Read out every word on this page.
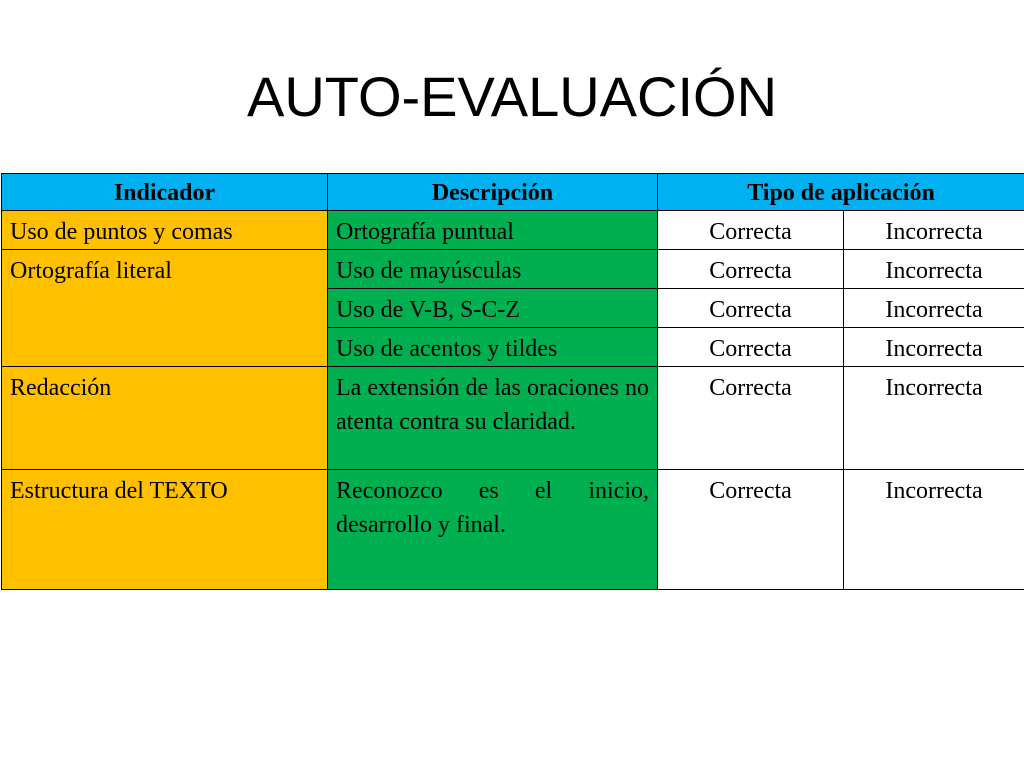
AUTO-EVALUACIÓN
Indicador	Descripción	Tipo de aplicación	
Uso de puntos y comas	Ortografía puntual	Correcta	Incorrecta
Ortografía literal	Uso de mayúsculas	Correcta	Incorrecta
	Uso de V-B, S-C-Z	Correcta	Incorrecta
	Uso de acentos y tildes	Correcta	Incorrecta
Redacción	La extensión de las oraciones no atenta contra su claridad.	Correcta	Incorrecta
Estructura del TEXTO	Reconozco es el inicio, desarrollo y final.	Correcta	Incorrecta
